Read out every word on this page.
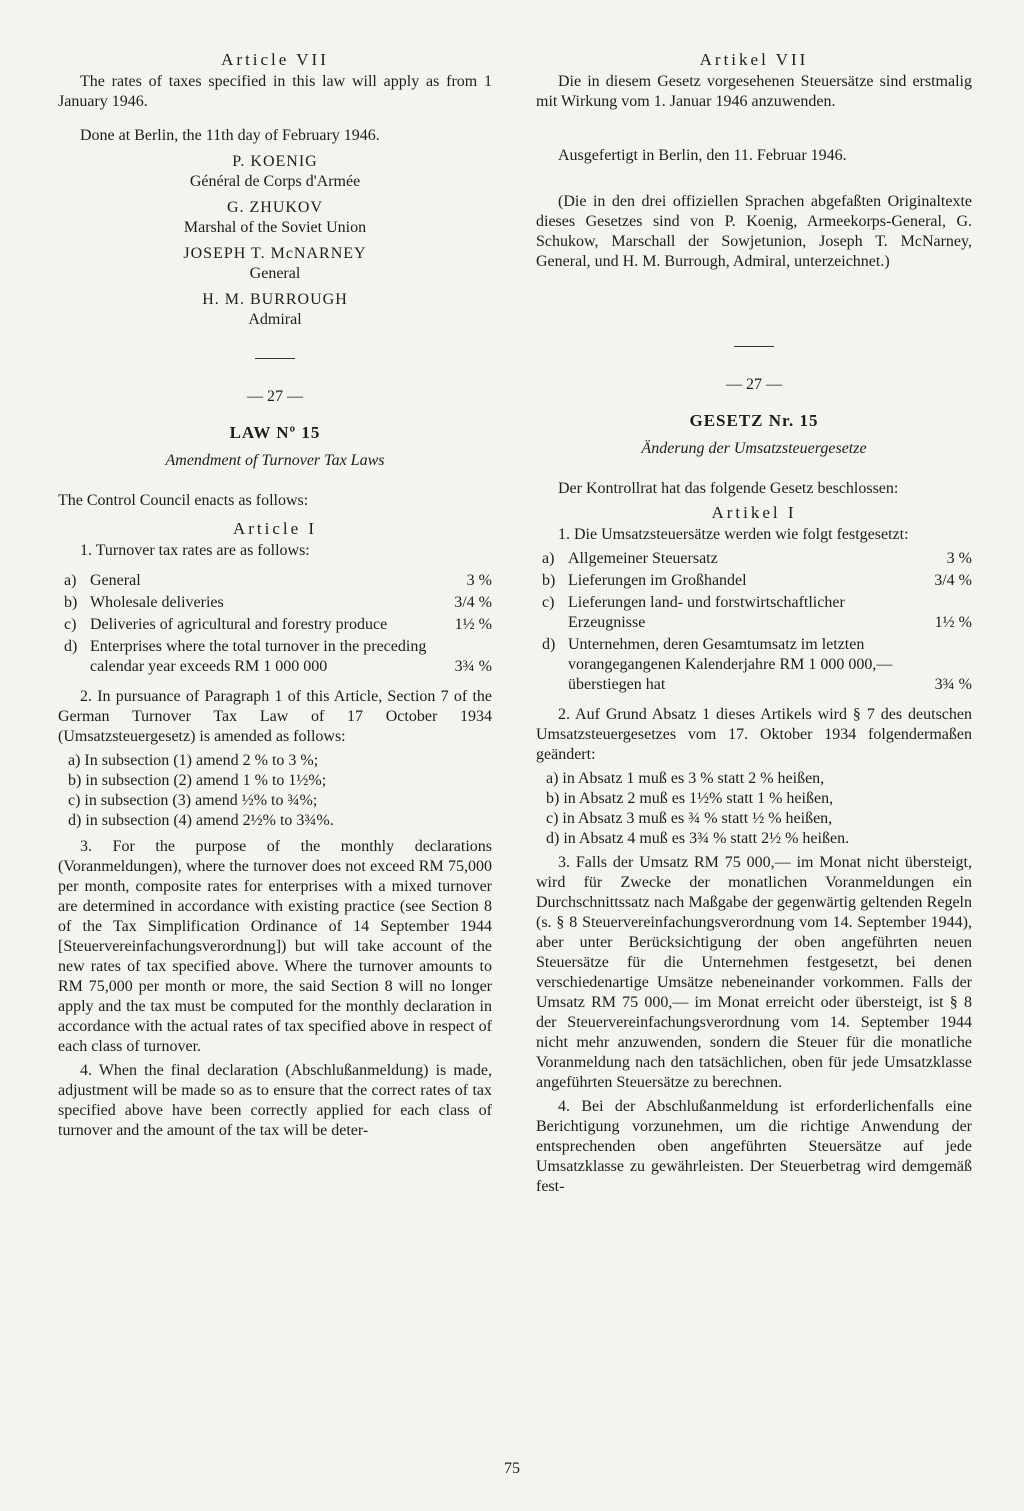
Article VII

The rates of taxes specified in this law will apply as from 1 January 1946.

Done at Berlin, the 11th day of February 1946.

P. KOENIG
Général de Corps d'Armée
G. ZHUKOV
Marshal of the Soviet Union
JOSEPH T. McNARNEY
General
H. M. BURROUGH
Admiral
— 27 —
LAW Nº 15
Amendment of Turnover Tax Laws

The Control Council enacts as follows:

Article I

1. Turnover tax rates are as follows:

a) General	3 %
b) Wholesale deliveries	3/4 %
c) Deliveries of agricultural and forestry produce	1½ %
d) Enterprises where the total turnover in the preceding calendar year exceeds RM 1 000 000	3¾ %

2. In pursuance of Paragraph 1 of this Article, Section 7 of the German Turnover Tax Law of 17 October 1934 (Umsatzsteuergesetz) is amended as follows:

a) In subsection (1) amend 2 % to 3 %;
b) in subsection (2) amend 1 % to 1½%;
c) in subsection (3) amend ½% to ¾%;
d) in subsection (4) amend 2½% to 3¾%.

3. For the purpose of the monthly declarations (Voranmeldungen), where the turnover does not exceed RM 75,000 per month, composite rates for enterprises with a mixed turnover are determined in accordance with existing practice (see Section 8 of the Tax Simplification Ordinance of 14 September 1944 [Steuervereinfachungsverordnung]) but will take account of the new rates of tax specified above. Where the turnover amounts to RM 75,000 per month or more, the said Section 8 will no longer apply and the tax must be computed for the monthly declaration in accordance with the actual rates of tax specified above in respect of each class of turnover.

4. When the final declaration (Abschlußanmeldung) is made, adjustment will be made so as to ensure that the correct rates of tax specified above have been correctly applied for each class of turnover and the amount of the tax will be deter-

Artikel VII

Die in diesem Gesetz vorgesehenen Steuersätze sind erstmalig mit Wirkung vom 1. Januar 1946 anzuwenden.

Ausgefertigt in Berlin, den 11. Februar 1946.

(Die in den drei offiziellen Sprachen abgefaßten Originaltexte dieses Gesetzes sind von P. Koenig, Armeekorps-General, G. Schukow, Marschall der Sowjetunion, Joseph T. McNarney, General, und H. M. Burrough, Admiral, unterzeichnet.)

— 27 —
GESETZ Nr. 15
Änderung der Umsatzsteuergesetze

Der Kontrollrat hat das folgende Gesetz beschlossen:

Artikel I

1. Die Umsatzsteuersätze werden wie folgt festgesetzt:

a) Allgemeiner Steuersatz	3 %
b) Lieferungen im Großhandel	3/4 %
c) Lieferungen land- und forstwirtschaftlicher Erzeugnisse	1½ %
d) Unternehmen, deren Gesamtumsatz im letzten vorangegangenen Kalenderjahre RM 1 000 000,— überstiegen hat	3¾ %

2. Auf Grund Absatz 1 dieses Artikels wird § 7 des deutschen Umsatzsteuergesetzes vom 17. Oktober 1934 folgendermaßen geändert:

a) in Absatz 1 muß es 3 % statt 2 % heißen,
b) in Absatz 2 muß es 1½% statt 1 % heißen,
c) in Absatz 3 muß es ¾ % statt ½ % heißen,
d) in Absatz 4 muß es 3¾ % statt 2½ % heißen.

3. Falls der Umsatz RM 75 000,— im Monat nicht übersteigt, wird für Zwecke der monatlichen Voranmeldungen ein Durchschnittssatz nach Maßgabe der gegenwärtig geltenden Regeln (s. § 8 Steuervereinfachungsverordnung vom 14. September 1944), aber unter Berücksichtigung der oben angeführten neuen Steuersätze für die Unternehmen festgesetzt, bei denen verschiedenartige Umsätze nebeneinander vorkommen. Falls der Umsatz RM 75 000,— im Monat erreicht oder übersteigt, ist § 8 der Steuervereinfachungsverordnung vom 14. September 1944 nicht mehr anzuwenden, sondern die Steuer für die monatliche Voranmeldung nach den tatsächlichen, oben für jede Umsatzklasse angeführten Steuersätze zu berechnen.

4. Bei der Abschlußanmeldung ist erforderlichenfalls eine Berichtigung vorzunehmen, um die richtige Anwendung der entsprechenden oben angeführten Steuersätze auf jede Umsatzklasse zu gewährleisten. Der Steuerbetrag wird demgemäß fest-

75
